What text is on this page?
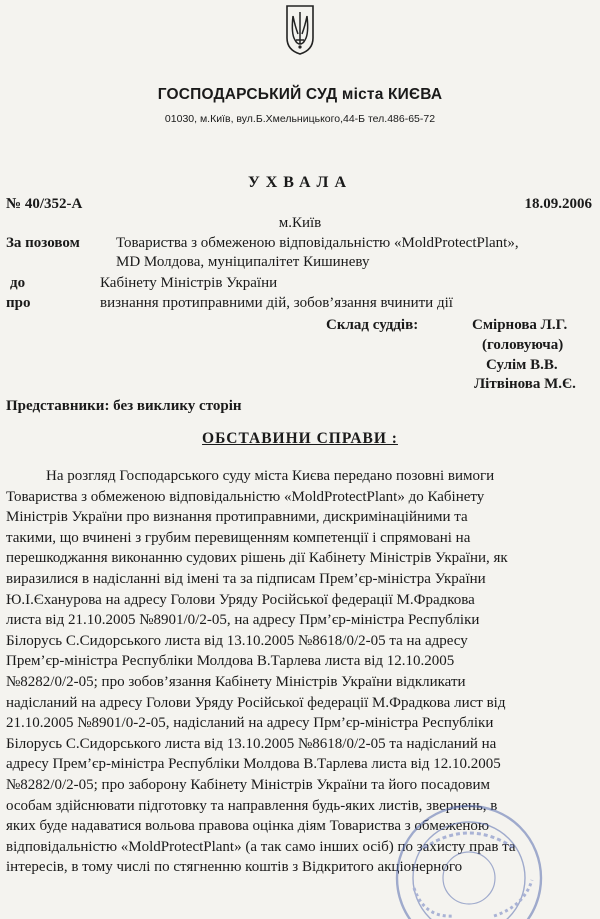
ГОСПОДАРСЬКИЙ СУД міста КИЄВА
01030, м.Київ, вул.Б.Хмельницького,44-Б тел.486-65-72
УХВАЛА
№ 40/352-А	18.09.2006
м.Київ
За позовом Товариства з обмеженою відповідальністю «MoldProtectPlant»,
MD Молдова, муніципалітет Кишиневу
до	Кабінету Міністрів України
про	визнання протиправними дій, зобов’язання вчинити дії
Склад суддів:	Смірнова Л.Г.
(головуюча)
Сулім В.В.
Літвінова М.Є.
Представники: без виклику сторін
ОБСТАВИНИ СПРАВИ :
На розгляд Господарського суду міста Києва передано позовні вимоги
Товариства з обмеженою відповідальністю «MoldProtectPlant» до Кабінету
Міністрів України про визнання протиправними, дискримінаційними та
такими, що вчинені з грубим перевищенням компетенції і спрямовані на
перешкоджання виконанню судових рішень дії Кабінету Міністрів України, як
виразилися в надісланні від імені та за підписам Прем’єр-міністра України
Ю.І.Єханурова на адресу Голови Уряду Російської федерації М.Фрадкова
листа від 21.10.2005 №8901/0/2-05, на адресу Прм’єр-міністра Республіки
Білорусь С.Сидорського листа від 13.10.2005 №8618/0/2-05 та на адресу
Прем’єр-міністра Республіки Молдова В.Тарлева листа від 12.10.2005
№8282/0/2-05; про зобов’язання Кабінету Міністрів України відкликати
надісланий на адресу Голови Уряду Російської федерації М.Фрадкова лист від
21.10.2005 №8901/0-2-05, надісланий на адресу Прм’єр-міністра Республіки
Білорусь С.Сидорського листа від 13.10.2005 №8618/0/2-05 та надісланий на
адресу Прем’єр-міністра Республіки Молдова В.Тарлева листа від 12.10.2005
№8282/0/2-05; про заборону Кабінету Міністрів України та його посадовим
особам здійснювати підготовку та направлення будь-яких листів, звернень, в
яких буде надаватися вольова правова оцінка діям Товариства з обмеженою
відповідальністю «MoldProtectPlant» (а так само інших осіб) по захисту прав та
інтересів, в тому числі по стягненню коштів з Відкритого акціонерного
